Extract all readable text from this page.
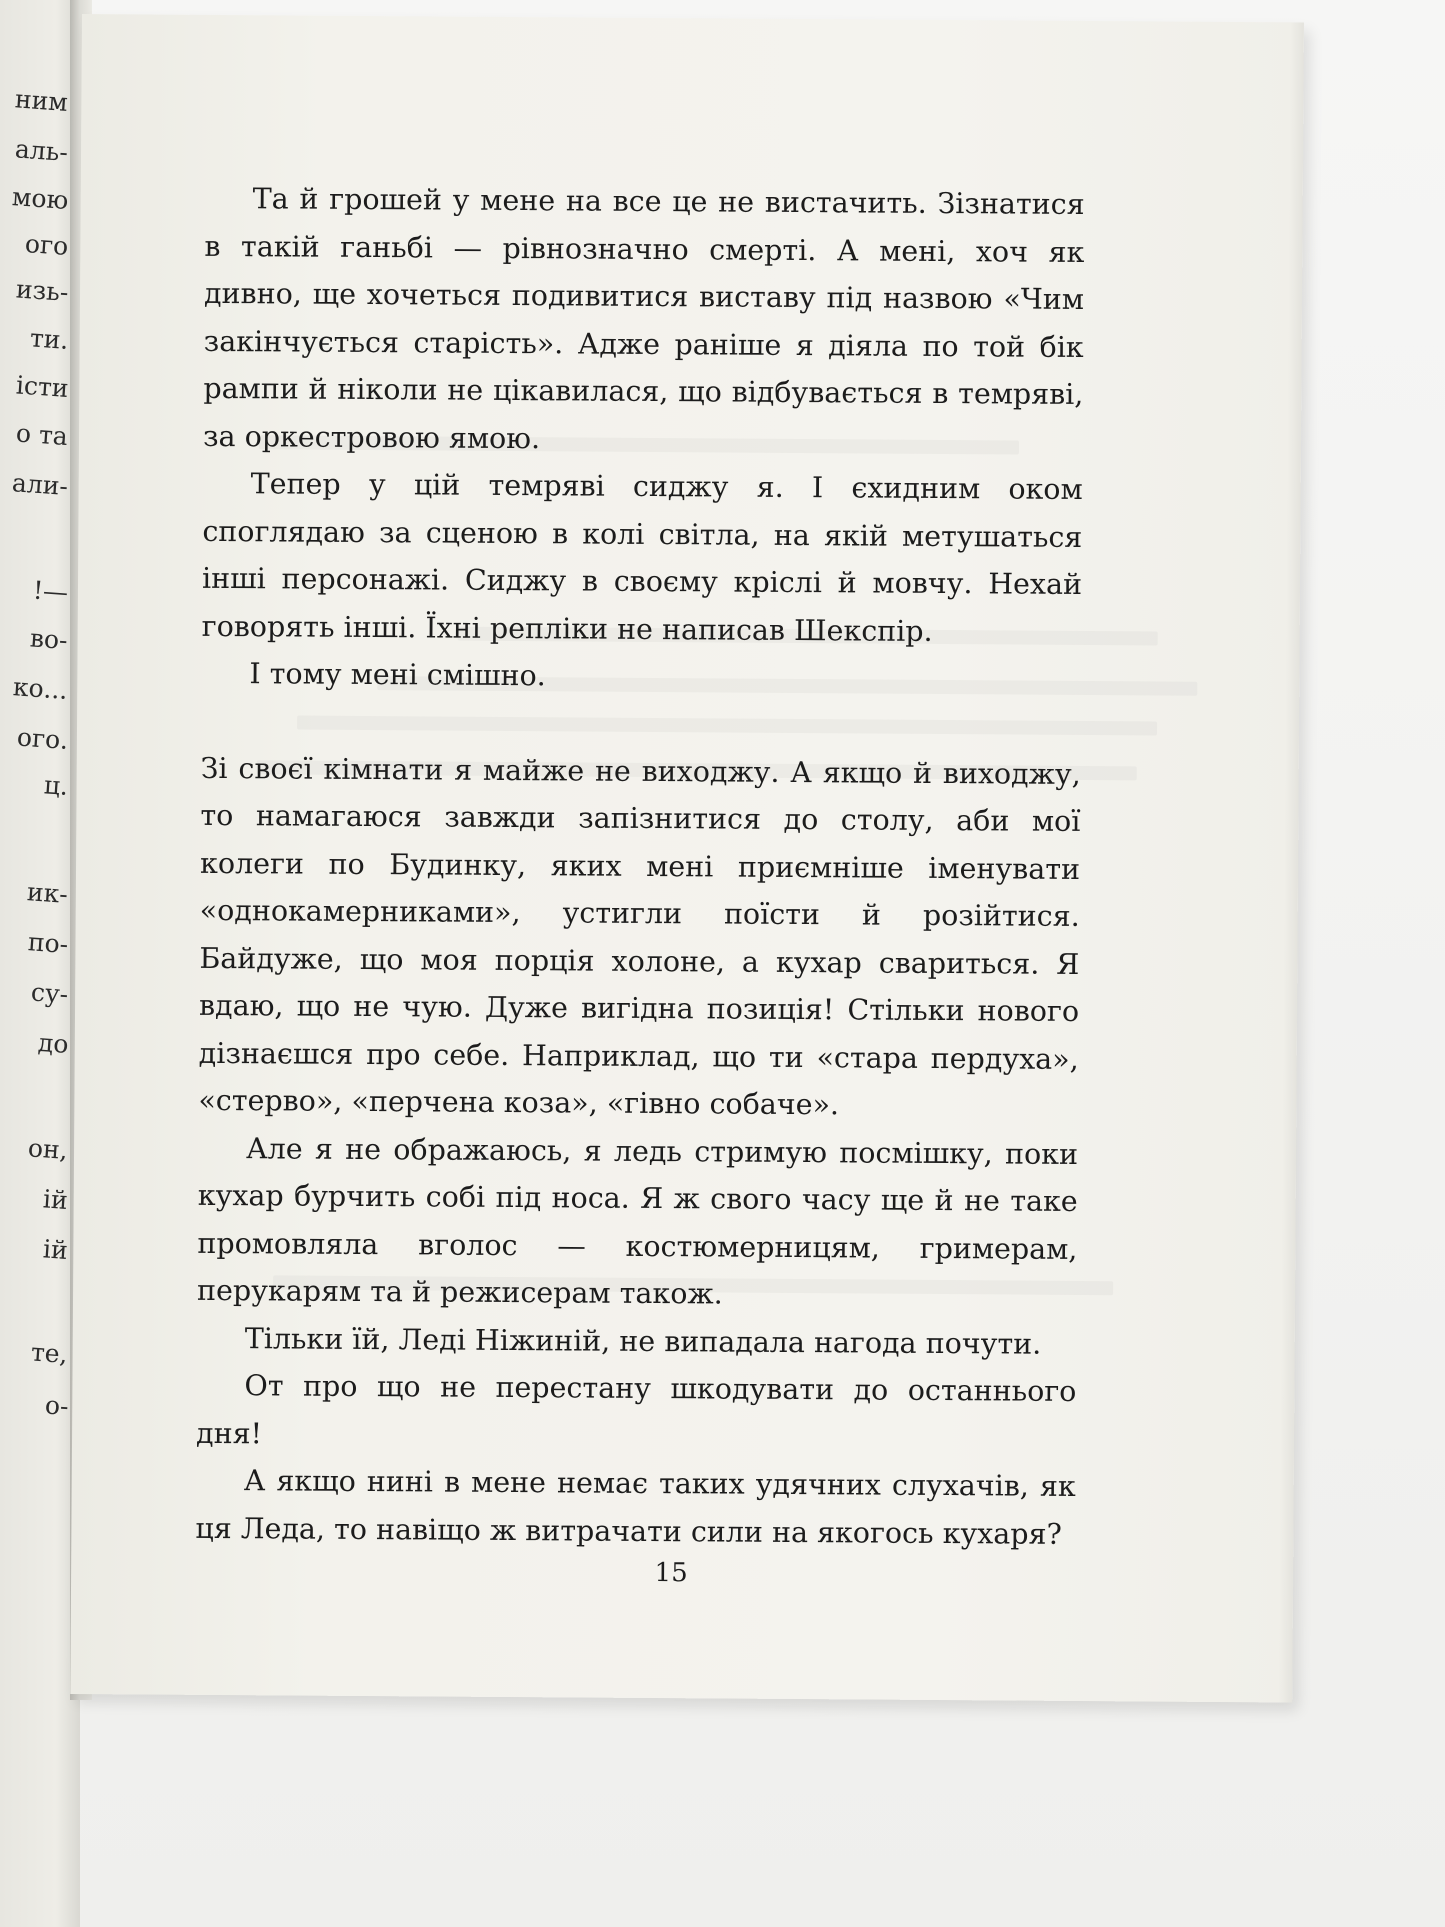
ним
аль-
мою
ого
изь-
ти.
істи
о та
али-
!—
во-
ко...
ого.
ц.
ик-
по-
су-
до
он,
ій
ій
те,
о-

Та й грошей у мене на все це не вистачить. Зізнатися в такій ганьбі — рівнозначно смерті. А мені, хоч як дивно, ще хочеться подивитися виставу під назвою «Чим закінчується старість». Адже раніше я діяла по той бік рампи й ніколи не цікавилася, що відбувається в темряві, за оркестровою ямою.

Тепер у цій темряві сиджу я. І єхидним оком споглядаю за сценою в колі світла, на якій метушаться інші персонажі. Сиджу в своєму кріслі й мовчу. Нехай говорять інші. Їхні репліки не написав Шекспір.

І тому мені смішно.

Зі своєї кімнати я майже не виходжу. А якщо й виходжу, то намагаюся завжди запізнитися до столу, аби мої колеги по Будинку, яких мені приємніше іменувати «однокамерниками», устигли поїсти й розійтися. Байдуже, що моя порція холоне, а кухар свариться. Я вдаю, що не чую. Дуже вигідна позиція! Стільки нового дізнаєшся про себе. Наприклад, що ти «стара пердуха», «стерво», «перчена коза», «гівно собаче».

Але я не ображаюсь, я ледь стримую посмішку, поки кухар бурчить собі під носа. Я ж свого часу ще й не таке промовляла вголос — костюмерницям, гримерам, перукарям та й режисерам також.

Тільки їй, Леді Ніжиній, не випадала нагода почути.

От про що не перестану шкодувати до останнього дня!

А якщо нині в мене немає таких удячних слухачів, як ця Леда, то навіщо ж витрачати сили на якогось кухаря?

15
